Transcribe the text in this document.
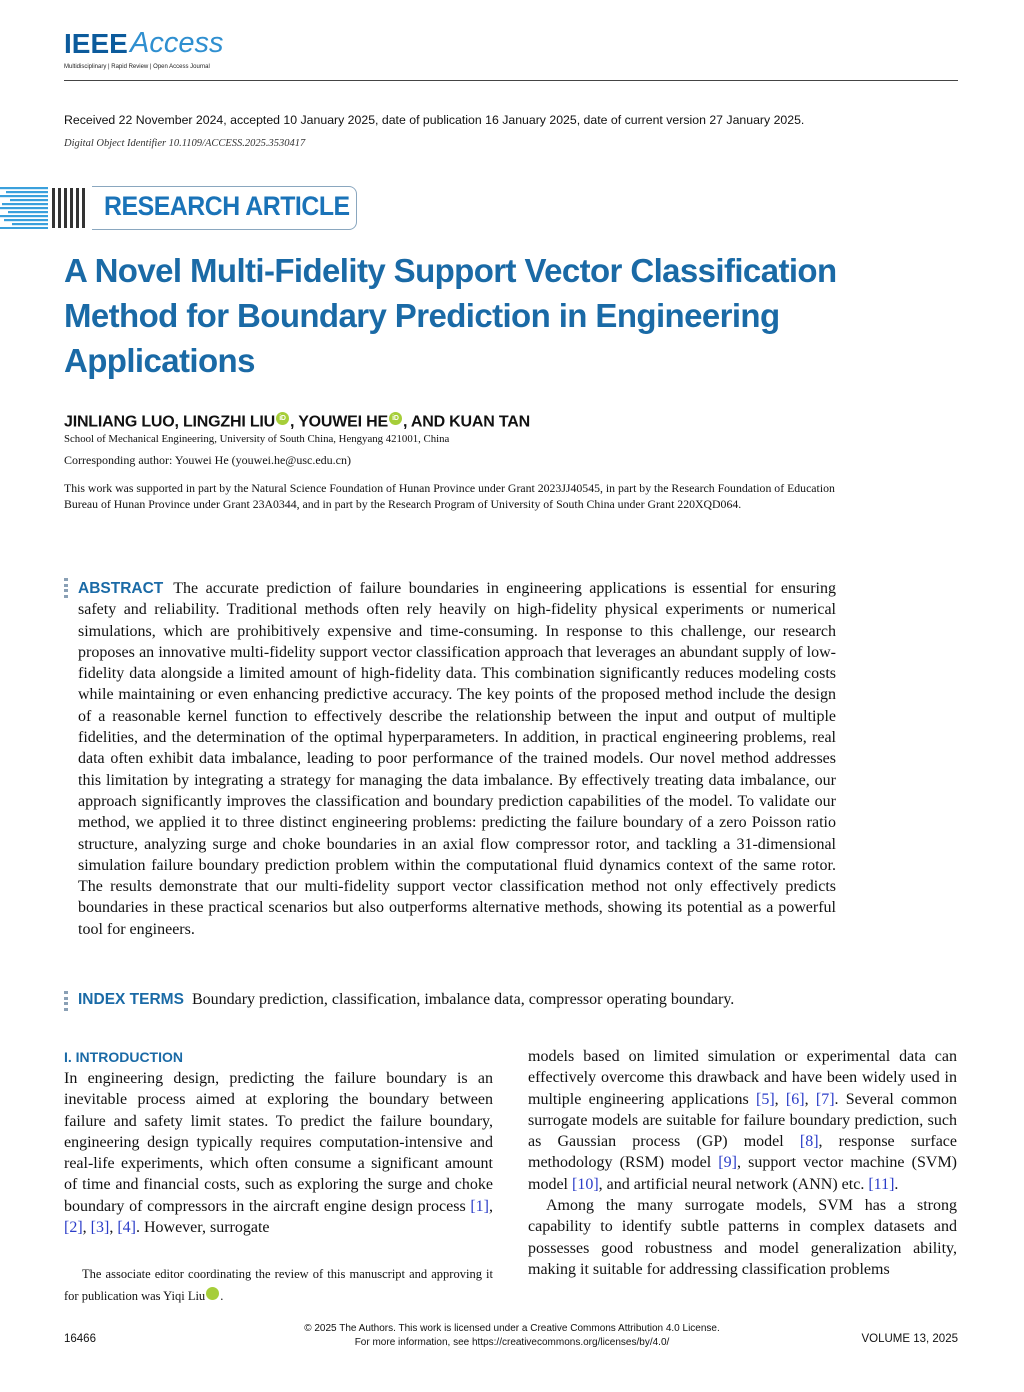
IEEE Access
Multidisciplinary | Rapid Review | Open Access Journal
Received 22 November 2024, accepted 10 January 2025, date of publication 16 January 2025, date of current version 27 January 2025.
Digital Object Identifier 10.1109/ACCESS.2025.3530417
RESEARCH ARTICLE
A Novel Multi-Fidelity Support Vector Classification Method for Boundary Prediction in Engineering Applications
JINLIANG LUO, LINGZHI LIU iD , YOUWEI HE iD , AND KUAN TAN
School of Mechanical Engineering, University of South China, Hengyang 421001, China
Corresponding author: Youwei He (youwei.he@usc.edu.cn)
This work was supported in part by the Natural Science Foundation of Hunan Province under Grant 2023JJ40545, in part by the Research Foundation of Education Bureau of Hunan Province under Grant 23A0344, and in part by the Research Program of University of South China under Grant 220XQD064.
ABSTRACT The accurate prediction of failure boundaries in engineering applications is essential for ensuring safety and reliability. Traditional methods often rely heavily on high-fidelity physical experiments or numerical simulations, which are prohibitively expensive and time-consuming. In response to this challenge, our research proposes an innovative multi-fidelity support vector classification approach that leverages an abundant supply of low-fidelity data alongside a limited amount of high-fidelity data. This combination significantly reduces modeling costs while maintaining or even enhancing predictive accuracy. The key points of the proposed method include the design of a reasonable kernel function to effectively describe the relationship between the input and output of multiple fidelities, and the determination of the optimal hyperparameters. In addition, in practical engineering problems, real data often exhibit data imbalance, leading to poor performance of the trained models. Our novel method addresses this limitation by integrating a strategy for managing the data imbalance. By effectively treating data imbalance, our approach significantly improves the classification and boundary prediction capabilities of the model. To validate our method, we applied it to three distinct engineering problems: predicting the failure boundary of a zero Poisson ratio structure, analyzing surge and choke boundaries in an axial flow compressor rotor, and tackling a 31-dimensional simulation failure boundary prediction problem within the computational fluid dynamics context of the same rotor. The results demonstrate that our multi-fidelity support vector classification method not only effectively predicts boundaries in these practical scenarios but also outperforms alternative methods, showing its potential as a powerful tool for engineers.
INDEX TERMS Boundary prediction, classification, imbalance data, compressor operating boundary.
I. INTRODUCTION
In engineering design, predicting the failure boundary is an inevitable process aimed at exploring the boundary between failure and safety limit states. To predict the failure boundary, engineering design typically requires computation-intensive and real-life experiments, which often consume a significant amount of time and financial costs, such as exploring the surge and choke boundary of compressors in the aircraft engine design process [1], [2], [3], [4]. However, surrogate
The associate editor coordinating the review of this manuscript and approving it for publication was Yiqi Liu	iD.

models based on limited simulation or experimental data can effectively overcome this drawback and have been widely used in multiple engineering applications [5], [6], [7]. Several common surrogate models are suitable for failure boundary prediction, such as Gaussian process (GP) model [8], response surface methodology (RSM) model [9], support vector machine (SVM) model [10], and artificial neural network (ANN) etc. [11].

Among the many surrogate models, SVM has a strong capability to identify subtle patterns in complex datasets and possesses good robustness and model generalization ability, making it suitable for addressing classification problems

16466
© 2025 The Authors. This work is licensed under a Creative Commons Attribution 4.0 License.
For more information, see https://creativecommons.org/licenses/by/4.0/	VOLUME 13, 2025
